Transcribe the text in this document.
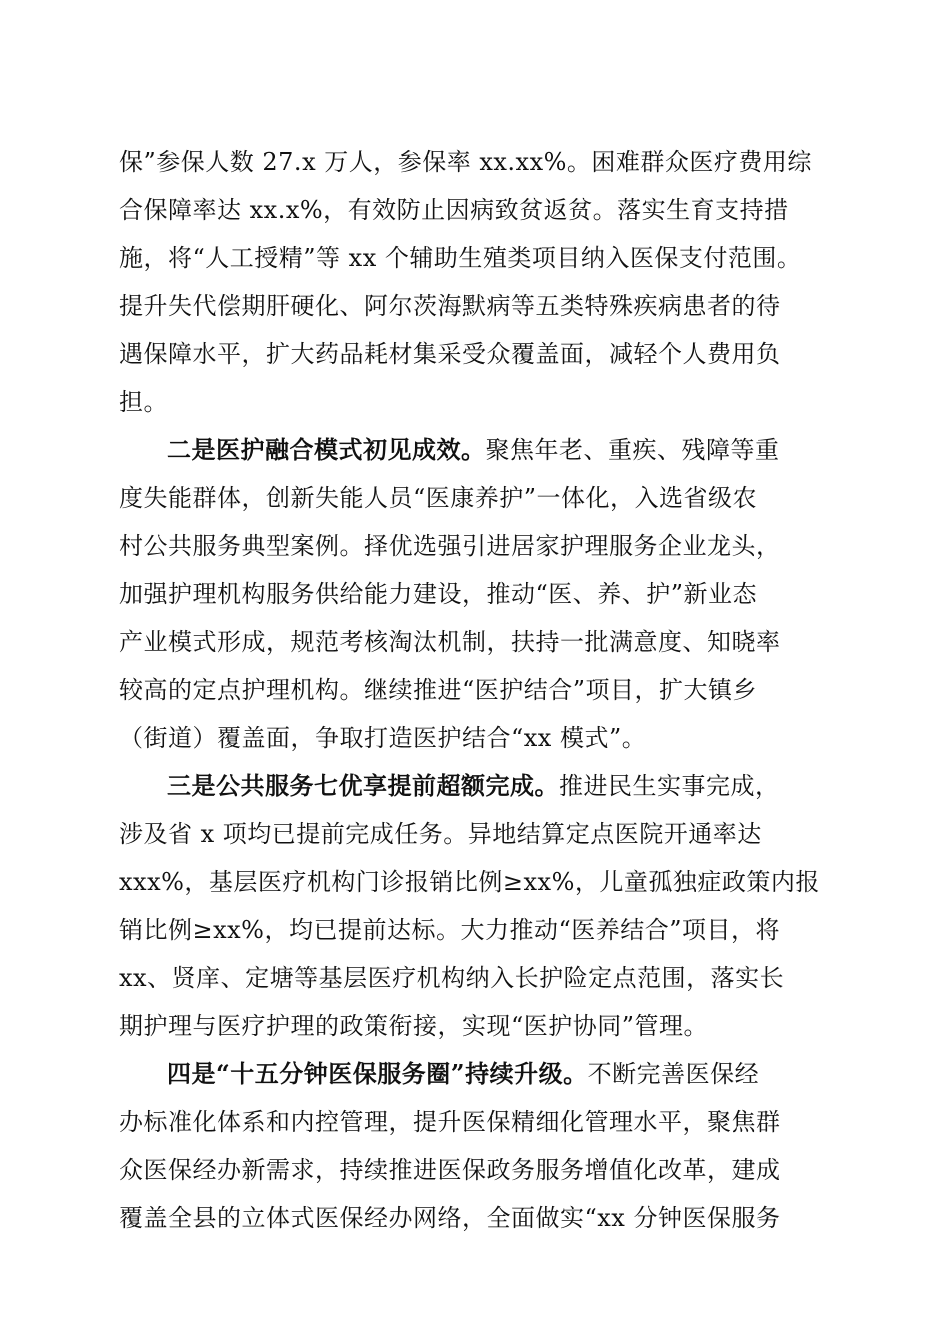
保”参保人数 27.x 万人，参保率 xx.xx%。困难群众医疗费用综
合保障率达 xx.x%，有效防止因病致贫返贫。落实生育支持措
施，将“人工授精”等 xx 个辅助生殖类项目纳入医保支付范围。
提升失代偿期肝硬化、阿尔茨海默病等五类特殊疾病患者的待
遇保障水平，扩大药品耗材集采受众覆盖面，减轻个人费用负
担。
二是医护融合模式初见成效。聚焦年老、重疾、残障等重
度失能群体，创新失能人员“医康养护”一体化，入选省级农
村公共服务典型案例。择优选强引进居家护理服务企业龙头，
加强护理机构服务供给能力建设，推动“医、养、护”新业态
产业模式形成，规范考核淘汰机制，扶持一批满意度、知晓率
较高的定点护理机构。继续推进“医护结合”项目，扩大镇乡
（街道）覆盖面，争取打造医护结合“xx 模式”。
三是公共服务七优享提前超额完成。推进民生实事完成，
涉及省 x 项均已提前完成任务。异地结算定点医院开通率达
xxx%，基层医疗机构门诊报销比例≥xx%，儿童孤独症政策内报
销比例≥xx%，均已提前达标。大力推动“医养结合”项目，将
xx、贤庠、定塘等基层医疗机构纳入长护险定点范围，落实长
期护理与医疗护理的政策衔接，实现“医护协同”管理。
四是“十五分钟医保服务圈”持续升级。不断完善医保经
办标准化体系和内控管理，提升医保精细化管理水平，聚焦群
众医保经办新需求，持续推进医保政务服务增值化改革，建成
覆盖全县的立体式医保经办网络，全面做实“xx 分钟医保服务
